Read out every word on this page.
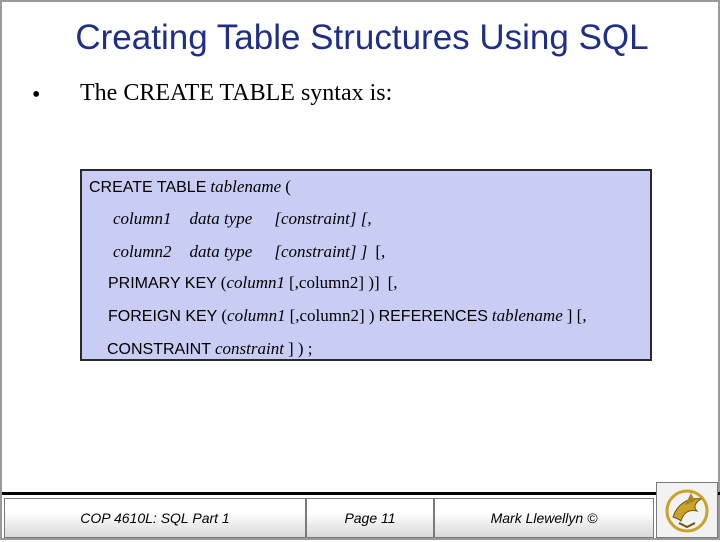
Creating Table Structures Using SQL
• The CREATE TABLE syntax is:
CREATE TABLE tablename (
column1 data type [constraint] [,
column2 data type [constraint] ] [,
PRIMARY KEY (column1 [,column2] )] [,
FOREIGN KEY (column1 [,column2] ) REFERENCES tablename ] [,
CONSTRAINT constraint ] ) ;
COP 4610L: SQL Part 1	Page 11	Mark Llewellyn ©
